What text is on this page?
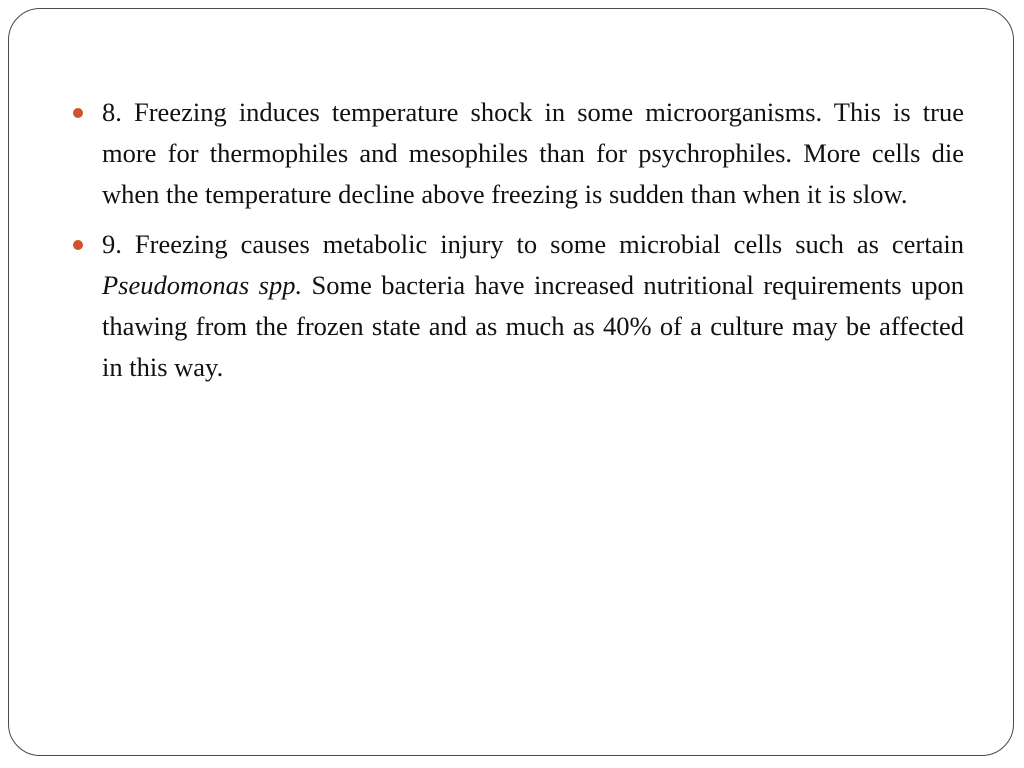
8. Freezing induces temperature shock in some microorganisms. This is true more for thermophiles and mesophiles than for psychrophiles. More cells die when the temperature decline above freezing is sudden than when it is slow.
9. Freezing causes metabolic injury to some microbial cells such as certain Pseudomonas spp. Some bacteria have increased nutritional requirements upon thawing from the frozen state and as much as 40% of a culture may be affected in this way.
